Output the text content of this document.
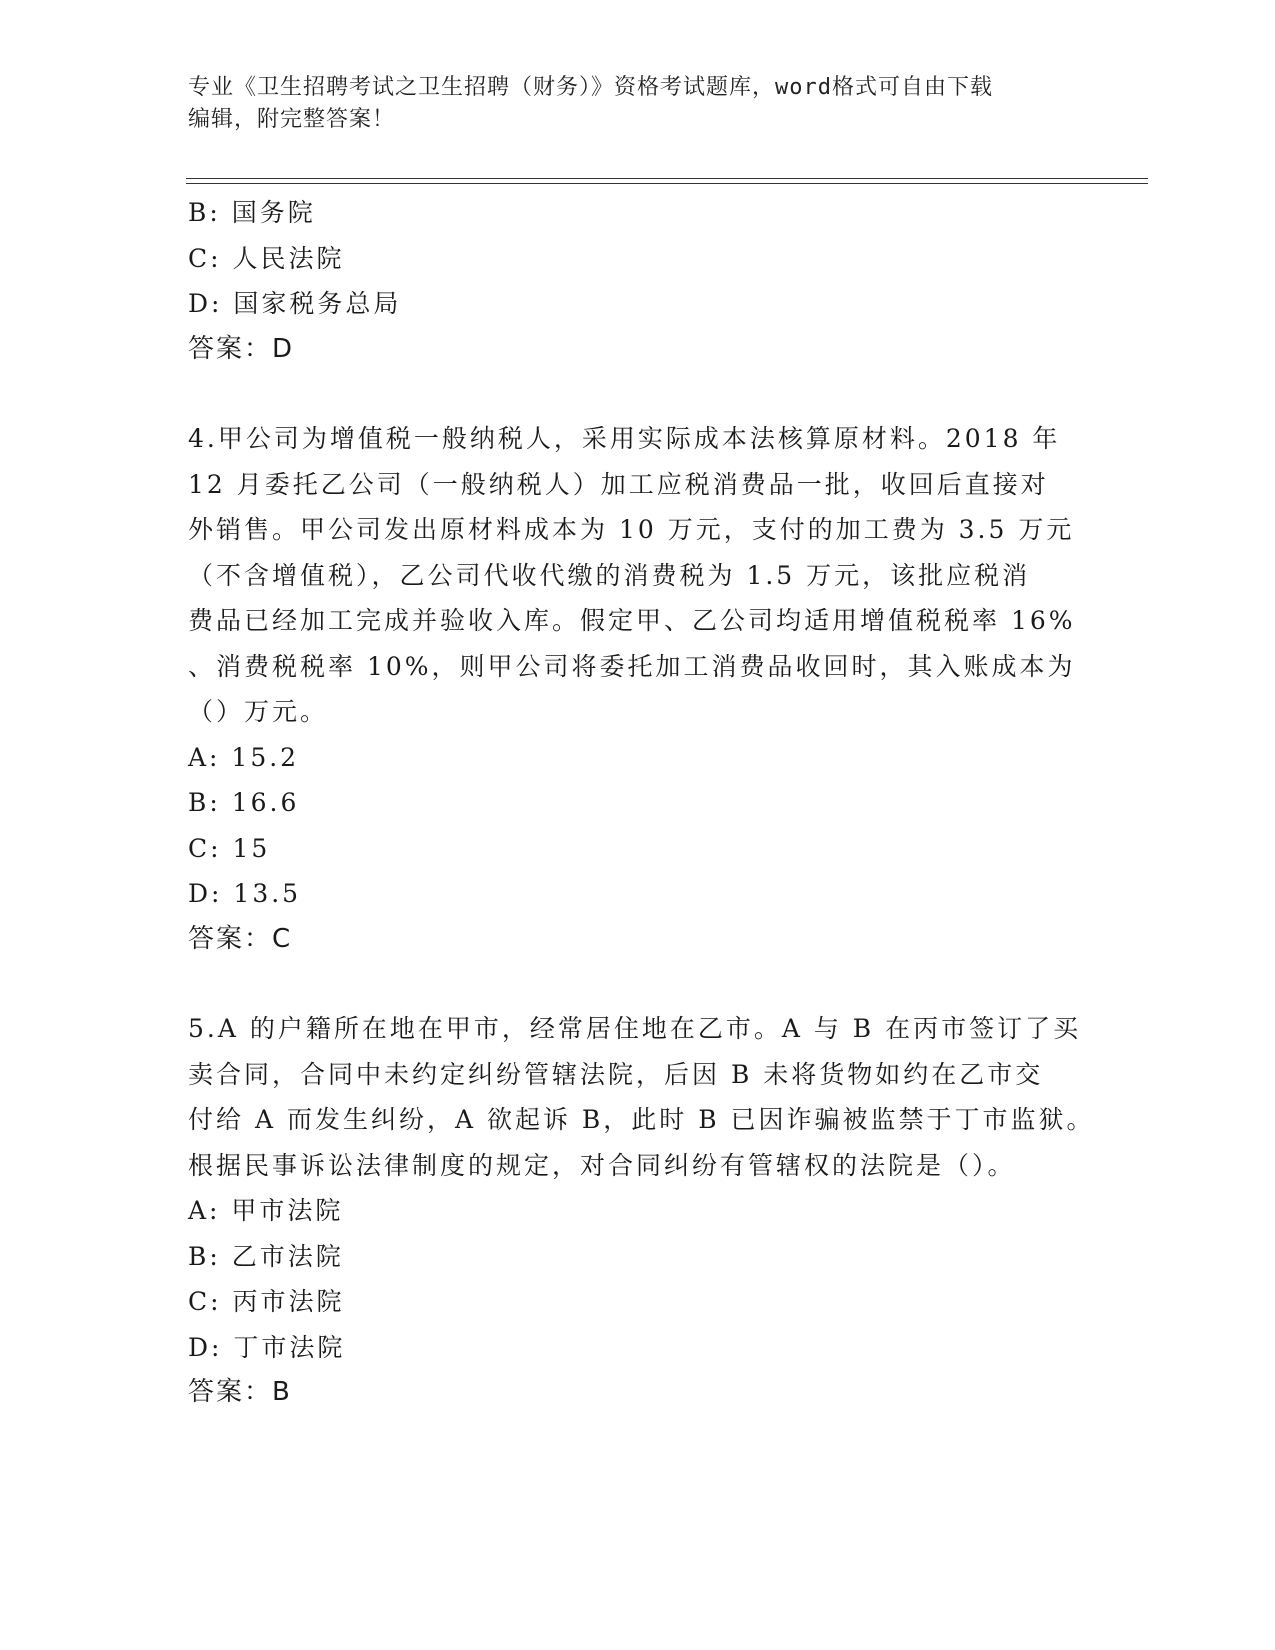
专业《卫生招聘考试之卫生招聘（财务）》资格考试题库，word格式可自由下载
编辑，附完整答案！
B: 国务院
C: 人民法院
D: 国家税务总局
答案：D
4.甲公司为增值税一般纳税人，采用实际成本法核算原材料。2018 年
12 月委托乙公司（一般纳税人）加工应税消费品一批，收回后直接对
外销售。甲公司发出原材料成本为 10 万元，支付的加工费为 3.5 万元
（不含增值税），乙公司代收代缴的消费税为 1.5 万元，该批应税消
费品已经加工完成并验收入库。假定甲、乙公司均适用增值税税率 16%
、消费税税率 10%，则甲公司将委托加工消费品收回时，其入账成本为
（）万元。
A: 15.2
B: 16.6
C: 15
D: 13.5
答案：C
5.A 的户籍所在地在甲市，经常居住地在乙市。A 与 B 在丙市签订了买
卖合同，合同中未约定纠纷管辖法院，后因 B 未将货物如约在乙市交
付给 A 而发生纠纷，A 欲起诉 B，此时 B 已因诈骗被监禁于丁市监狱。
根据民事诉讼法律制度的规定，对合同纠纷有管辖权的法院是（）。
A: 甲市法院
B: 乙市法院
C: 丙市法院
D: 丁市法院
答案：B
